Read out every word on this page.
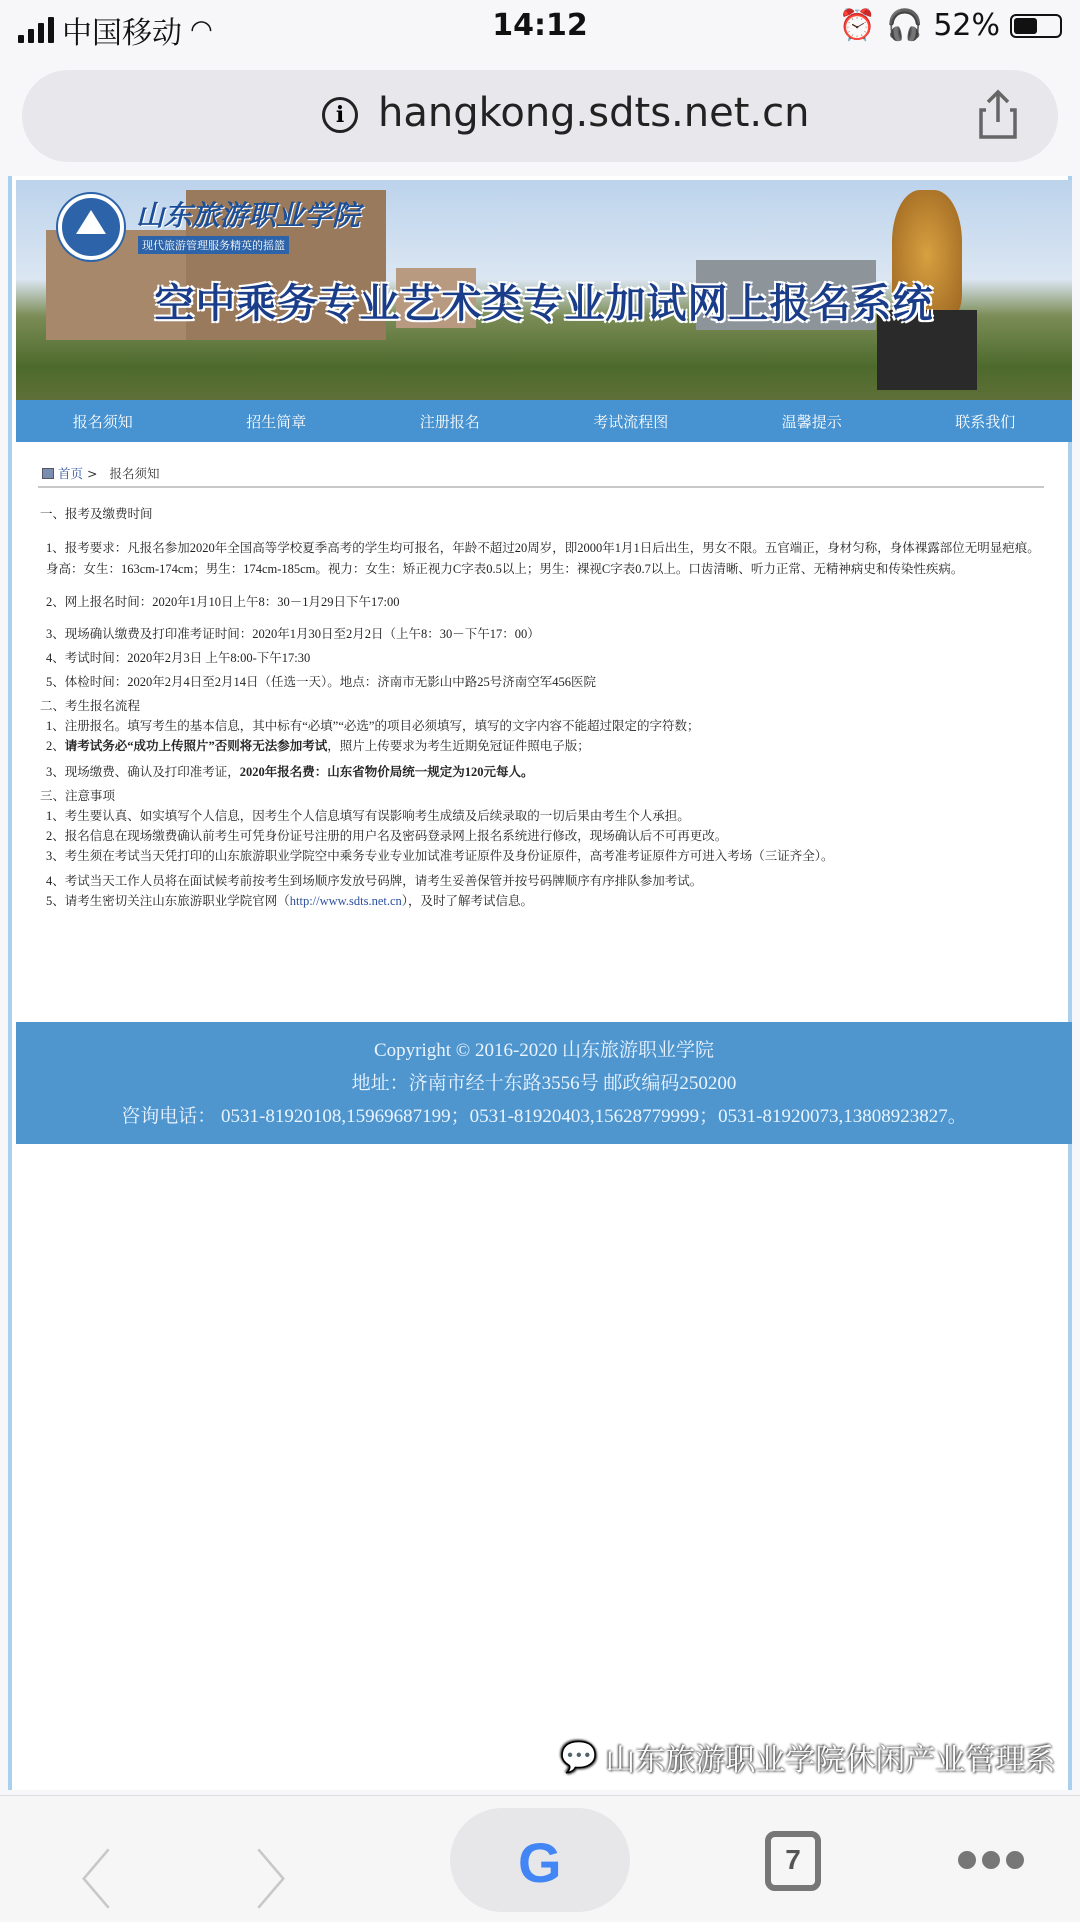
中国移动 ◠	14:12	⏰ 🎧 52%
i hangkong.sdts.net.cn
山东旅游职业学院
现代旅游管理服务精英的摇篮
空中乘务专业艺术类专业加试网上报名系统
报名须知	招生简章	注册报名	考试流程图	温馨提示	联系我们
首页 > 报名须知

一、报考及缴费时间

1、报考要求：凡报名参加2020年全国高等学校夏季高考的学生均可报名，年龄不超过20周岁，即2000年1月1日后出生，男女不限。五官端正，身材匀称，身体裸露部位无明显疤痕。 身高：女生：163cm-174cm；男生：174cm-185cm。视力：女生：矫正视力C字表0.5以上；男生：裸视C字表0.7以上。口齿清晰、听力正常、无精神病史和传染性疾病。

2、网上报名时间：2020年1月10日上午8：30－1月29日下午17:00

3、现场确认缴费及打印准考证时间：2020年1月30日至2月2日（上午8：30－下午17：00）

4、考试时间：2020年2月3日 上午8:00-下午17:30

5、体检时间：2020年2月4日至2月14日（任选一天）。地点：济南市无影山中路25号济南空军456医院

二、考生报名流程

1、注册报名。填写考生的基本信息，其中标有“必填”“必选”的项目必须填写，填写的文字内容不能超过限定的字符数；

2、请考试务必“成功上传照片”否则将无法参加考试，照片上传要求为考生近期免冠证件照电子版；

3、现场缴费、确认及打印准考证，2020年报名费：山东省物价局统一规定为120元每人。

三、注意事项

1、考生要认真、如实填写个人信息，因考生个人信息填写有误影响考生成绩及后续录取的一切后果由考生个人承担。

2、报名信息在现场缴费确认前考生可凭身份证号注册的用户名及密码登录网上报名系统进行修改，现场确认后不可再更改。

3、考生须在考试当天凭打印的山东旅游职业学院空中乘务专业专业加试准考证原件及身份证原件，高考准考证原件方可进入考场（三证齐全）。

4、考试当天工作人员将在面试候考前按考生到场顺序发放号码牌，请考生妥善保管并按号码牌顺序有序排队参加考试。

5、请考生密切关注山东旅游职业学院官网（http://www.sdts.net.cn），及时了解考试信息。

Copyright © 2016-2020 山东旅游职业学院
地址：济南市经十东路3556号 邮政编码250200
咨询电话： 0531-81920108,15969687199；0531-81920403,15628779999；0531-81920073,13808923827。
💬 山东旅游职业学院休闲产业管理系
〈 〉	G	7
